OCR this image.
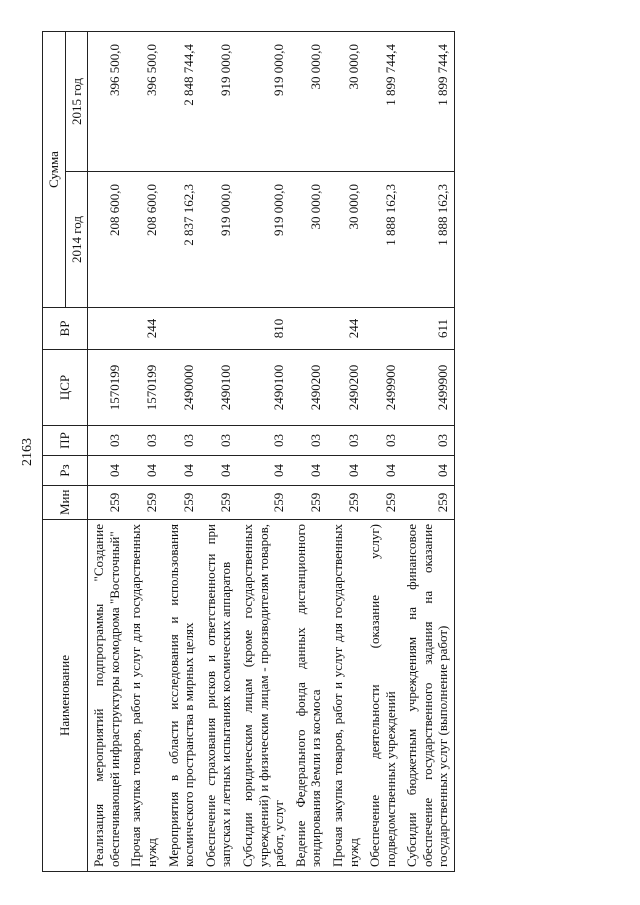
2163
Наименование	Мин	Рз	ПР	ЦСР	ВР	Сумма	
						2014 год	2015 год
Реализация мероприятий подпрограммы "Создание обеспечивающей инфраструктуры космодрома "Восточный"	259	04	03	1570199		208 600,0	396 500,0
Прочая закупка товаров, работ и услуг для государственных нужд	259	04	03	1570199	244	208 600,0	396 500,0
Мероприятия в области исследования и использования космического пространства в мирных целях	259	04	03	2490000		2 837 162,3	2 848 744,4
Обеспечение страхования рисков и ответственности при запусках и летных испытаниях космических аппаратов	259	04	03	2490100		919 000,0	919 000,0
Субсидии юридическим лицам (кроме государственных учреждений) и физическим лицам - производителям товаров, работ, услуг	259	04	03	2490100	810	919 000,0	919 000,0
Ведение Федерального фонда данных дистанционного зондирования Земли из космоса	259	04	03	2490200		30 000,0	30 000,0
Прочая закупка товаров, работ и услуг для государственных нужд	259	04	03	2490200	244	30 000,0	30 000,0
Обеспечение деятельности (оказание услуг) подведомственных учреждений	259	04	03	2499900		1 888 162,3	1 899 744,4
Субсидии бюджетным учреждениям на финансовое обеспечение государственного задания на оказание государственных услуг (выполнение работ)	259	04	03	2499900	611	1 888 162,3	1 899 744,4
